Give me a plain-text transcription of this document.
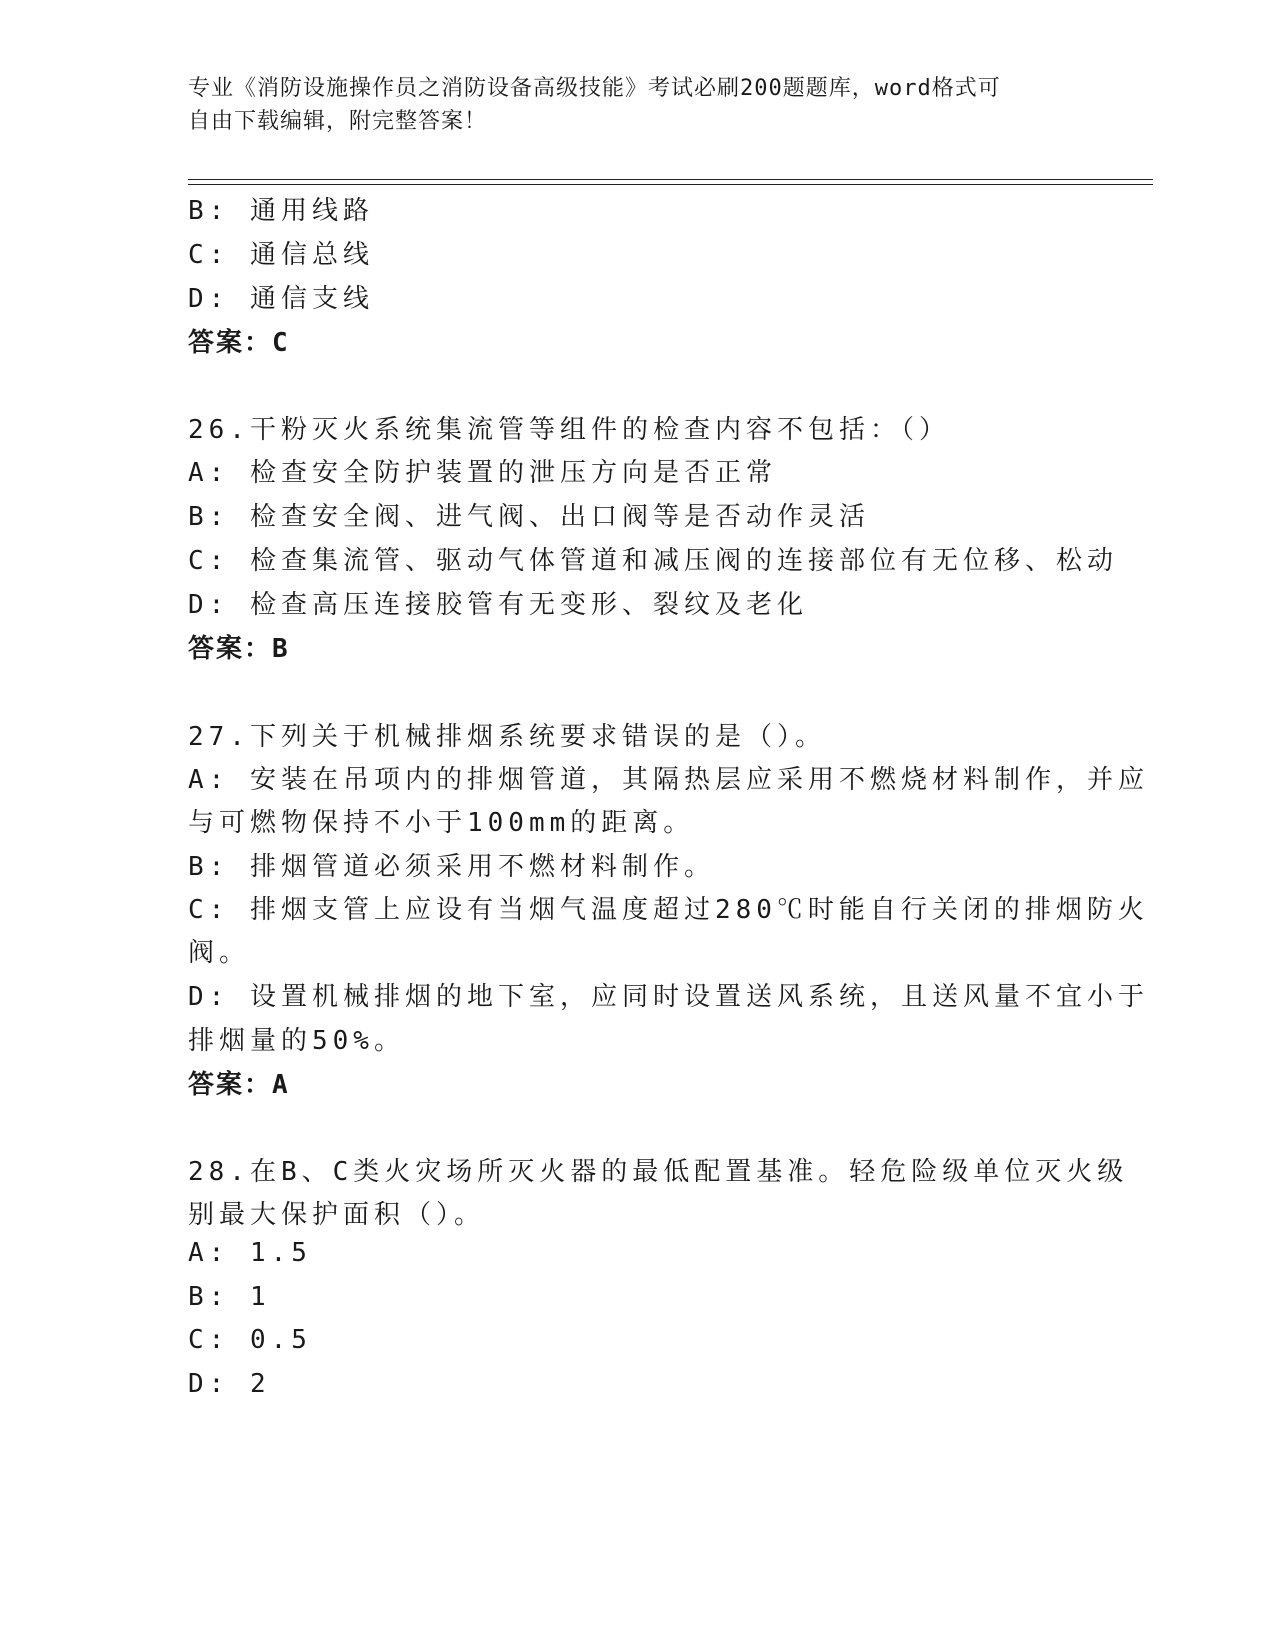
专业《消防设施操作员之消防设备高级技能》考试必刷200题题库，word格式可
自由下载编辑，附完整答案！
B: 通用线路
C: 通信总线
D: 通信支线
答案：C
26.干粉灭火系统集流管等组件的检查内容不包括：（）
A: 检查安全防护装置的泄压方向是否正常
B: 检查安全阀、进气阀、出口阀等是否动作灵活
C: 检查集流管、驱动气体管道和减压阀的连接部位有无位移、松动
D: 检查高压连接胶管有无变形、裂纹及老化
答案：B
27.下列关于机械排烟系统要求错误的是（）。
A: 安装在吊项内的排烟管道，其隔热层应采用不燃烧材料制作，并应
与可燃物保持不小于100mm的距离。
B: 排烟管道必须采用不燃材料制作。
C: 排烟支管上应设有当烟气温度超过280℃时能自行关闭的排烟防火
阀。
D: 设置机械排烟的地下室，应同时设置送风系统，且送风量不宜小于
排烟量的50%。
答案：A
28.在B、C类火灾场所灭火器的最低配置基准。轻危险级单位灭火级
别最大保护面积（）。
A: 1.5
B: 1
C: 0.5
D: 2
